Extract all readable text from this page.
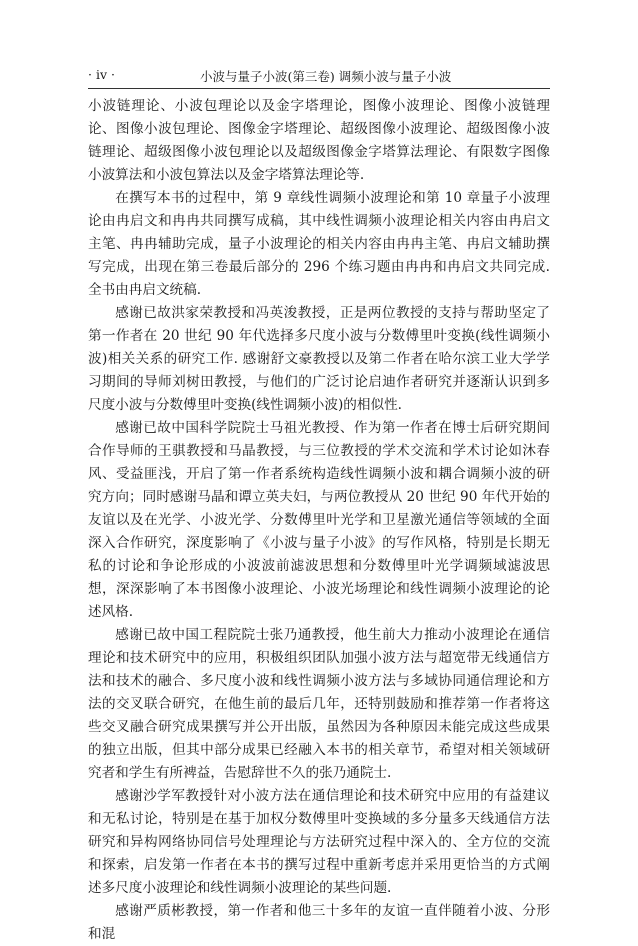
· iv ·	小波与量子小波(第三卷) 调频小波与量子小波

小波链理论、小波包理论以及金字塔理论，图像小波理论、图像小波链理论、图像小波包理论、图像金字塔理论、超级图像小波理论、超级图像小波链理论、超级图像小波包理论以及超级图像金字塔算法理论、有限数字图像小波算法和小波包算法以及金字塔算法理论等.

在撰写本书的过程中，第 9 章线性调频小波理论和第 10 章量子小波理论由冉启文和冉冉共同撰写成稿，其中线性调频小波理论相关内容由冉启文主笔、冉冉辅助完成，量子小波理论的相关内容由冉冉主笔、冉启文辅助撰写完成，出现在第三卷最后部分的 296 个练习题由冉冉和冉启文共同完成. 全书由冉启文统稿.

感谢已故洪家荣教授和冯英浚教授，正是两位教授的支持与帮助坚定了第一作者在 20 世纪 90 年代选择多尺度小波与分数傅里叶变换(线性调频小波)相关关系的研究工作. 感谢舒文豪教授以及第二作者在哈尔滨工业大学学习期间的导师刘树田教授，与他们的广泛讨论启迪作者研究并逐渐认识到多尺度小波与分数傅里叶变换(线性调频小波)的相似性.

感谢已故中国科学院院士马祖光教授、作为第一作者在博士后研究期间合作导师的王骐教授和马晶教授，与三位教授的学术交流和学术讨论如沐春风、受益匪浅，开启了第一作者系统构造线性调频小波和耦合调频小波的研究方向；同时感谢马晶和谭立英夫妇，与两位教授从 20 世纪 90 年代开始的友谊以及在光学、小波光学、分数傅里叶光学和卫星激光通信等领域的全面深入合作研究，深度影响了《小波与量子小波》的写作风格，特别是长期无私的讨论和争论形成的小波波前滤波思想和分数傅里叶光学调频域滤波思想，深深影响了本书图像小波理论、小波光场理论和线性调频小波理论的论述风格.

感谢已故中国工程院院士张乃通教授，他生前大力推动小波理论在通信理论和技术研究中的应用，积极组织团队加强小波方法与超宽带无线通信方法和技术的融合、多尺度小波和线性调频小波方法与多域协同通信理论和方法的交叉联合研究，在他生前的最后几年，还特别鼓励和推荐第一作者将这些交叉融合研究成果撰写并公开出版，虽然因为各种原因未能完成这些成果的独立出版，但其中部分成果已经融入本书的相关章节，希望对相关领域研究者和学生有所裨益，告慰辞世不久的张乃通院士.

感谢沙学军教授针对小波方法在通信理论和技术研究中应用的有益建议和无私讨论，特别是在基于加权分数傅里叶变换域的多分量多天线通信方法研究和异构网络协同信号处理理论与方法研究过程中深入的、全方位的交流和探索，启发第一作者在本书的撰写过程中重新考虑并采用更恰当的方式阐述多尺度小波理论和线性调频小波理论的某些问题.

感谢严质彬教授，第一作者和他三十多年的友谊一直伴随着小波、分形和混
